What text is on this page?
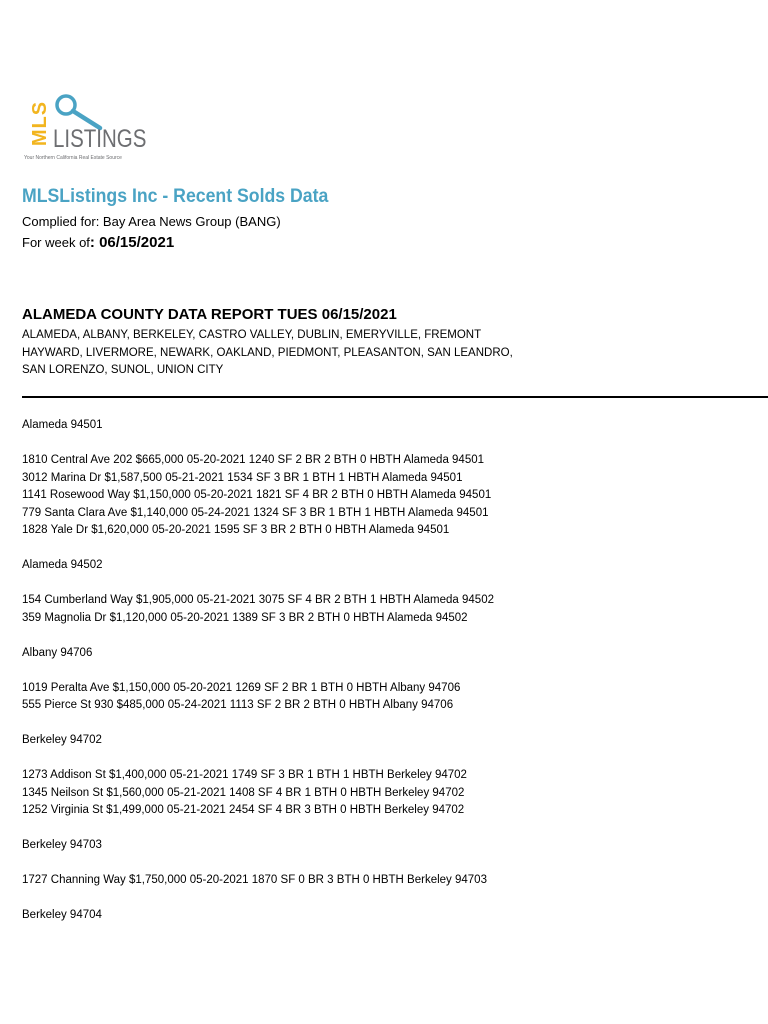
MLS LISTINGS
Your Northern California Real Estate Source
MLSListings Inc - Recent Solds Data
Complied for: Bay Area News Group (BANG)
For week of: 06/15/2021
ALAMEDA COUNTY DATA REPORT TUES 06/15/2021
ALAMEDA, ALBANY, BERKELEY, CASTRO VALLEY, DUBLIN, EMERYVILLE, FREMONT
HAYWARD, LIVERMORE, NEWARK, OAKLAND, PIEDMONT, PLEASANTON, SAN LEANDRO,
SAN LORENZO, SUNOL, UNION CITY
Alameda 94501
1810 Central Ave 202 $665,000 05-20-2021 1240 SF 2 BR 2 BTH 0 HBTH Alameda 94501
3012 Marina Dr $1,587,500 05-21-2021 1534 SF 3 BR 1 BTH 1 HBTH Alameda 94501
1141 Rosewood Way $1,150,000 05-20-2021 1821 SF 4 BR 2 BTH 0 HBTH Alameda 94501
779 Santa Clara Ave $1,140,000 05-24-2021 1324 SF 3 BR 1 BTH 1 HBTH Alameda 94501
1828 Yale Dr $1,620,000 05-20-2021 1595 SF 3 BR 2 BTH 0 HBTH Alameda 94501
Alameda 94502
154 Cumberland Way $1,905,000 05-21-2021 3075 SF 4 BR 2 BTH 1 HBTH Alameda 94502
359 Magnolia Dr $1,120,000 05-20-2021 1389 SF 3 BR 2 BTH 0 HBTH Alameda 94502
Albany 94706
1019 Peralta Ave $1,150,000 05-20-2021 1269 SF 2 BR 1 BTH 0 HBTH Albany 94706
555 Pierce St 930 $485,000 05-24-2021 1113 SF 2 BR 2 BTH 0 HBTH Albany 94706
Berkeley 94702
1273 Addison St $1,400,000 05-21-2021 1749 SF 3 BR 1 BTH 1 HBTH Berkeley 94702
1345 Neilson St $1,560,000 05-21-2021 1408 SF 4 BR 1 BTH 0 HBTH Berkeley 94702
1252 Virginia St $1,499,000 05-21-2021 2454 SF 4 BR 3 BTH 0 HBTH Berkeley 94702
Berkeley 94703
1727 Channing Way $1,750,000 05-20-2021 1870 SF 0 BR 3 BTH 0 HBTH Berkeley 94703
Berkeley 94704
